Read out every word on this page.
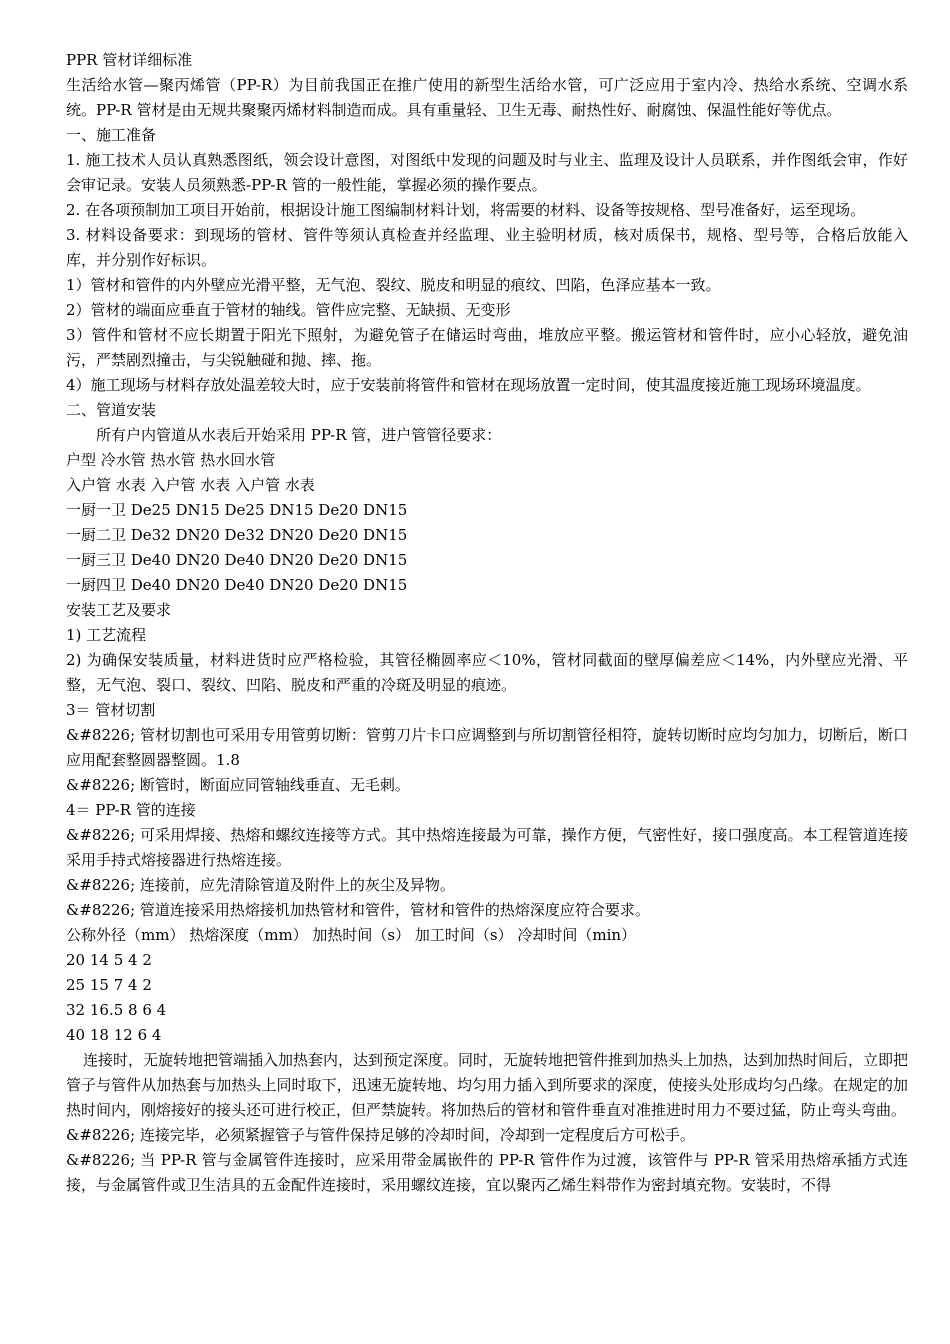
PPR 管材详细标准

生活给水管—聚丙烯管（PP-R）为目前我国正在推广使用的新型生活给水管，可广泛应用于室内冷、热给水系统、空调水系统。PP-R 管材是由无规共聚聚丙烯材料制造而成。具有重量轻、卫生无毒、耐热性好、耐腐蚀、保温性能好等优点。

一、施工准备

1. 施工技术人员认真熟悉图纸，领会设计意图，对图纸中发现的问题及时与业主、监理及设计人员联系，并作图纸会审，作好会审记录。安装人员须熟悉-PP-R 管的一般性能，掌握必须的操作要点。

2. 在各项预制加工项目开始前，根据设计施工图编制材料计划，将需要的材料、设备等按规格、型号准备好，运至现场。

3. 材料设备要求：到现场的管材、管件等须认真检查并经监理、业主验明材质，核对质保书，规格、型号等，合格后放能入库，并分别作好标识。

1）管材和管件的内外壁应光滑平整，无气泡、裂纹、脱皮和明显的痕纹、凹陷，色泽应基本一致。

2）管材的端面应垂直于管材的轴线。管件应完整、无缺损、无变形

3）管件和管材不应长期置于阳光下照射，为避免管子在储运时弯曲，堆放应平整。搬运管材和管件时，应小心轻放，避免油污，严禁剧烈撞击，与尖锐触碰和抛、摔、拖。

4）施工现场与材料存放处温差较大时，应于安装前将管件和管材在现场放置一定时间，使其温度接近施工现场环境温度。

二、管道安装

所有户内管道从水表后开始采用 PP-R 管，进户管管径要求：

户型 冷水管 热水管 热水回水管

入户管 水表 入户管 水表 入户管 水表

一厨一卫 De25 DN15 De25 DN15 De20 DN15

一厨二卫 De32 DN20 De32 DN20 De20 DN15

一厨三卫 De40 DN20 De40 DN20 De20 DN15

一厨四卫 De40 DN20 De40 DN20 De20 DN15

安装工艺及要求

1) 工艺流程

2) 为确保安装质量，材料进货时应严格检验，其管径椭圆率应＜10%，管材同截面的壁厚偏差应＜14%，内外壁应光滑、平整，无气泡、裂口、裂纹、凹陷、脱皮和严重的冷斑及明显的痕迹。

3＝ 管材切割

&#8226; 管材切割也可采用专用管剪切断：管剪刀片卡口应调整到与所切割管径相符，旋转切断时应均匀加力，切断后，断口应用配套整圆器整圆。1.8

&#8226; 断管时，断面应同管轴线垂直、无毛刺。

4＝ PP-R 管的连接

&#8226; 可采用焊接、热熔和螺纹连接等方式。其中热熔连接最为可靠，操作方便，气密性好，接口强度高。本工程管道连接采用手持式熔接器进行热熔连接。

&#8226; 连接前，应先清除管道及附件上的灰尘及异物。

&#8226; 管道连接采用热熔接机加热管材和管件，管材和管件的热熔深度应符合要求。

公称外径（mm） 热熔深度（mm） 加热时间（s） 加工时间（s） 冷却时间（min）

20 14 5 4 2

25 15 7 4 2

32 16.5 8 6 4

40 18 12 6 4

连接时，无旋转地把管端插入加热套内，达到预定深度。同时，无旋转地把管件推到加热头上加热，达到加热时间后，立即把管子与管件从加热套与加热头上同时取下，迅速无旋转地、均匀用力插入到所要求的深度，使接头处形成均匀凸缘。在规定的加热时间内，刚熔接好的接头还可进行校正，但严禁旋转。将加热后的管材和管件垂直对准推进时用力不要过猛，防止弯头弯曲。

&#8226; 连接完毕，必须紧握管子与管件保持足够的冷却时间，冷却到一定程度后方可松手。

&#8226; 当 PP-R 管与金属管件连接时，应采用带金属嵌件的 PP-R 管件作为过渡，该管件与 PP-R 管采用热熔承插方式连接，与金属管件或卫生洁具的五金配件连接时，采用螺纹连接，宜以聚丙乙烯生料带作为密封填充物。安装时，不得
